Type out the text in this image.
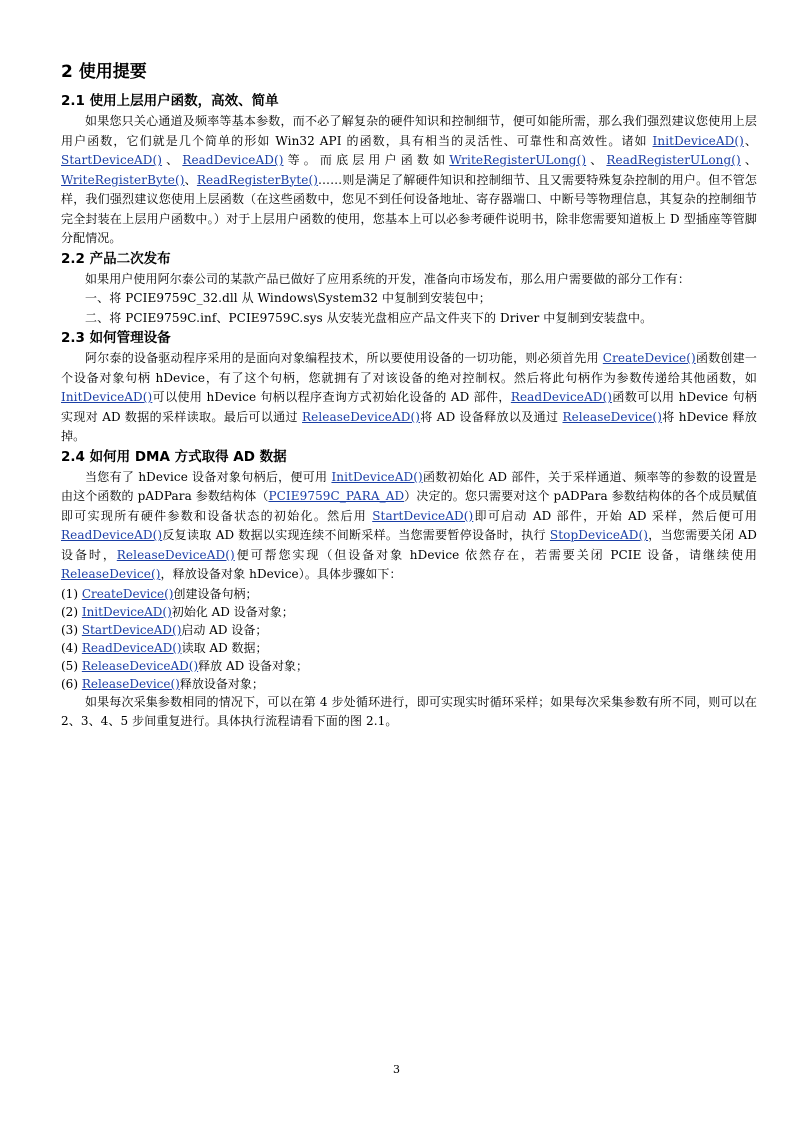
2 使用提要
2.1 使用上层用户函数，高效、简单

如果您只关心通道及频率等基本参数，而不必了解复杂的硬件知识和控制细节，便可如能所需，那么我们强烈建议您使用上层用户函数，它们就是几个简单的形如 Win32 API 的函数，具有相当的灵活性、可靠性和高效性。诸如 InitDeviceAD()、StartDeviceAD()、ReadDeviceAD()等。而底层用户函数如WriteRegisterULong()、ReadRegisterULong()、WriteRegisterByte()、ReadRegisterByte()……则是满足了解硬件知识和控制细节、且又需要特殊复杂控制的用户。但不管怎样，我们强烈建议您使用上层函数（在这些函数中，您见不到任何设备地址、寄存器端口、中断号等物理信息，其复杂的控制细节完全封装在上层用户函数中。）对于上层用户函数的使用，您基本上可以必参考硬件说明书，除非您需要知道板上 D 型插座等管脚分配情况。

2.2 产品二次发布

如果用户使用阿尔泰公司的某款产品已做好了应用系统的开发，准备向市场发布，那么用户需要做的部分工作有：

一、将 PCIE9759C_32.dll 从 Windows\System32 中复制到安装包中；

二、将 PCIE9759C.inf、PCIE9759C.sys 从安装光盘相应产品文件夹下的 Driver 中复制到安装盘中。

2.3 如何管理设备

阿尔泰的设备驱动程序采用的是面向对象编程技术，所以要使用设备的一切功能，则必须首先用 CreateDevice()函数创建一个设备对象句柄 hDevice，有了这个句柄，您就拥有了对该设备的绝对控制权。然后将此句柄作为参数传递给其他函数，如 InitDeviceAD()可以使用 hDevice 句柄以程序查询方式初始化设备的 AD 部件，ReadDeviceAD()函数可以用 hDevice 句柄实现对 AD 数据的采样读取。最后可以通过 ReleaseDeviceAD()将 AD 设备释放以及通过 ReleaseDevice()将 hDevice 释放掉。

2.4 如何用 DMA 方式取得 AD 数据

当您有了 hDevice 设备对象句柄后，便可用 InitDeviceAD()函数初始化 AD 部件，关于采样通道、频率等的参数的设置是由这个函数的 pADPara 参数结构体（PCIE9759C_PARA_AD）决定的。您只需要对这个 pADPara 参数结构体的各个成员赋值即可实现所有硬件参数和设备状态的初始化。然后用 StartDeviceAD()即可启动 AD 部件，开始 AD 采样，然后便可用 ReadDeviceAD()反复读取 AD 数据以实现连续不间断采样。当您需要暂停设备时，执行 StopDeviceAD()，当您需要关闭 AD 设备时，ReleaseDeviceAD()便可帮您实现（但设备对象 hDevice 依然存在，若需要关闭 PCIE 设备，请继续使用 ReleaseDevice()，释放设备对象 hDevice）。具体步骤如下：

(1) CreateDevice()创建设备句柄；
(2) InitDeviceAD()初始化 AD 设备对象；
(3) StartDeviceAD()启动 AD 设备；
(4) ReadDeviceAD()读取 AD 数据；
(5) ReleaseDeviceAD()释放 AD 设备对象；
(6) ReleaseDevice()释放设备对象；

如果每次采集参数相同的情况下，可以在第 4 步处循环进行，即可实现实时循环采样；如果每次采集参数有所不同，则可以在 2、3、4、5 步间重复进行。具体执行流程请看下面的图 2.1。

3
